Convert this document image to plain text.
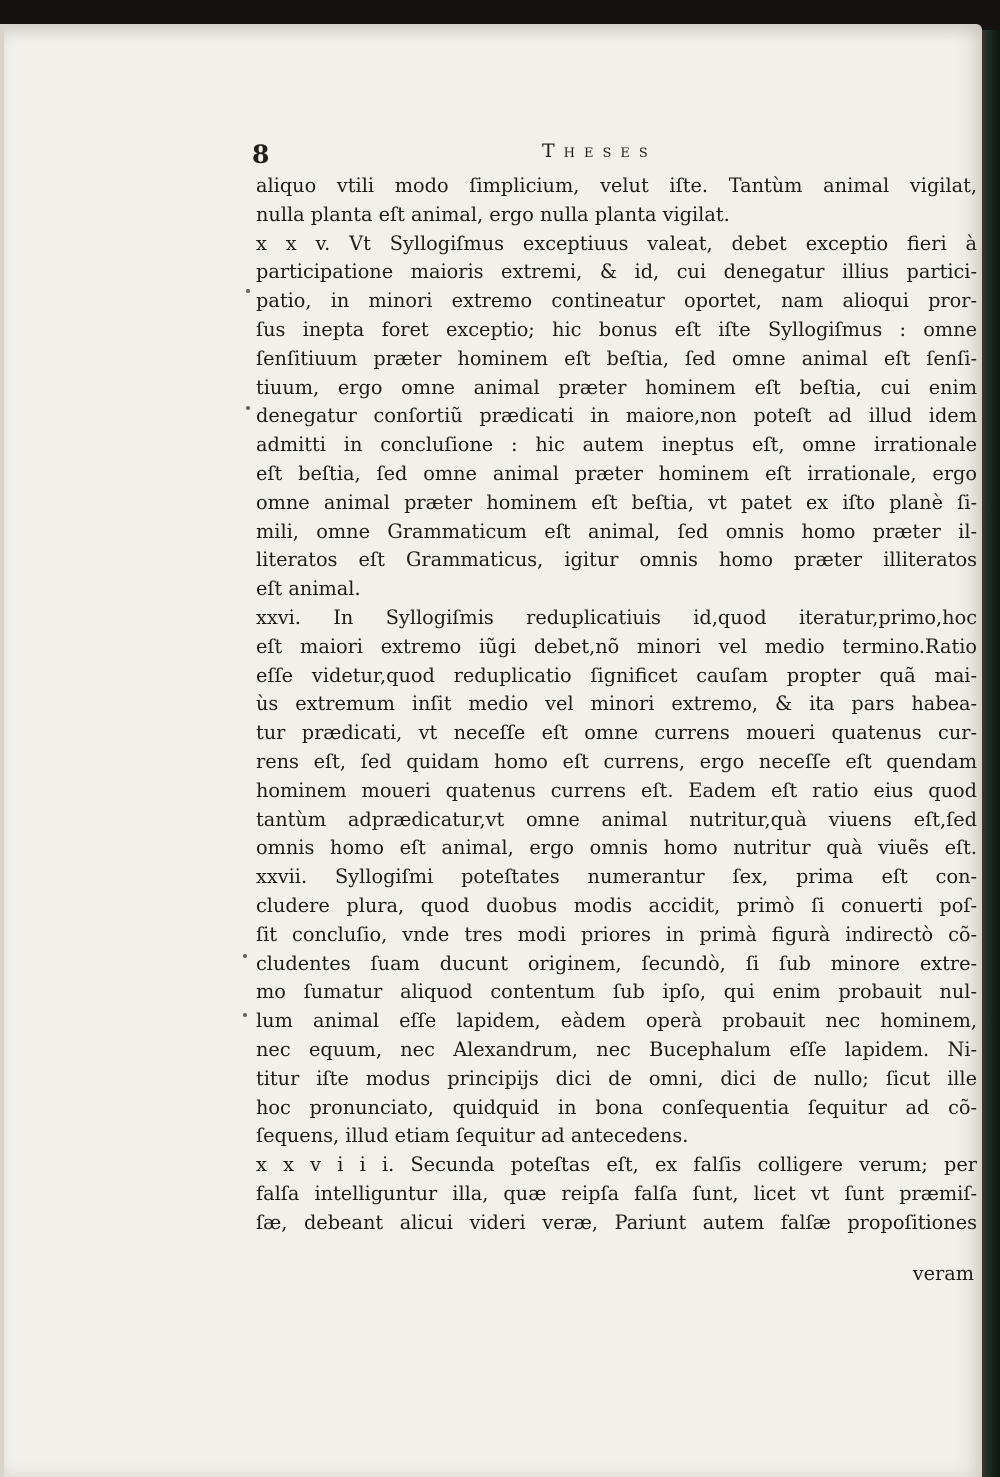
8	Theses
aliquo vtili modo ſimplicium, velut iſte. Tantùm animal vigilat,
nulla planta eſt animal, ergo nulla planta vigilat.
x x v. Vt Syllogiſmus exceptiuus valeat, debet exceptio fieri à
participatione maioris extremi, & id, cui denegatur illius partici-
patio, in minori extremo contineatur oportet, nam alioqui pror-
ſus inepta foret exceptio; hic bonus eſt iſte Syllogiſmus : omne
ſenſitiuum præter hominem eſt beſtia, ſed omne animal eſt ſenſi-
tiuum, ergo omne animal præter hominem eſt beſtia, cui enim
denegatur conſortiũ prædicati in maiore,non poteſt ad illud idem
admitti in concluſione : hic autem ineptus eſt, omne irrationale
eſt beſtia, ſed omne animal præter hominem eſt irrationale, ergo
omne animal præter hominem eſt beſtia, vt patet ex iſto planè ſi-
mili, omne Grammaticum eſt animal, ſed omnis homo præter il-
literatos eſt Grammaticus, igitur omnis homo præter illiteratos
eſt animal.
xxvi. In Syllogiſmis reduplicatiuis id,quod iteratur,primo,hoc
eſt maiori extremo iũgi debet,nõ minori vel medio termino.Ratio
eſſe videtur,quod reduplicatio ſignificet cauſam propter quã mai-
ùs extremum inſit medio vel minori extremo, & ita pars habea-
tur prædicati, vt neceſſe eſt omne currens moueri quatenus cur-
rens eſt, ſed quidam homo eſt currens, ergo neceſſe eſt quendam
hominem moueri quatenus currens eſt. Eadem eſt ratio eius quod
tantùm adprædicatur,vt omne animal nutritur,quà viuens eſt,ſed
omnis homo eſt animal, ergo omnis homo nutritur quà viuẽs eſt.
xxvii. Syllogiſmi poteſtates numerantur ſex, prima eſt con-
cludere plura, quod duobus modis accidit, primò ſi conuerti poſ-
ſit concluſio, vnde tres modi priores in primà figurà indirectò cõ-
cludentes ſuam ducunt originem, ſecundò, ſi ſub minore extre-
mo ſumatur aliquod contentum ſub ipſo, qui enim probauit nul-
lum animal eſſe lapidem, eàdem operà probauit nec hominem,
nec equum, nec Alexandrum, nec Bucephalum eſſe lapidem. Ni-
titur iſte modus principijs dici de omni, dici de nullo; ſicut ille
hoc pronunciato, quidquid in bona conſequentia ſequitur ad cõ-
ſequens, illud etiam ſequitur ad antecedens.
x x v i i i. Secunda poteſtas eſt, ex falſis colligere verum; per
falſa intelliguntur illa, quæ reipſa falſa ſunt, licet vt ſunt præmiſ-
ſæ, debeant alicui videri veræ, Pariunt autem falſæ propoſitiones
veram
